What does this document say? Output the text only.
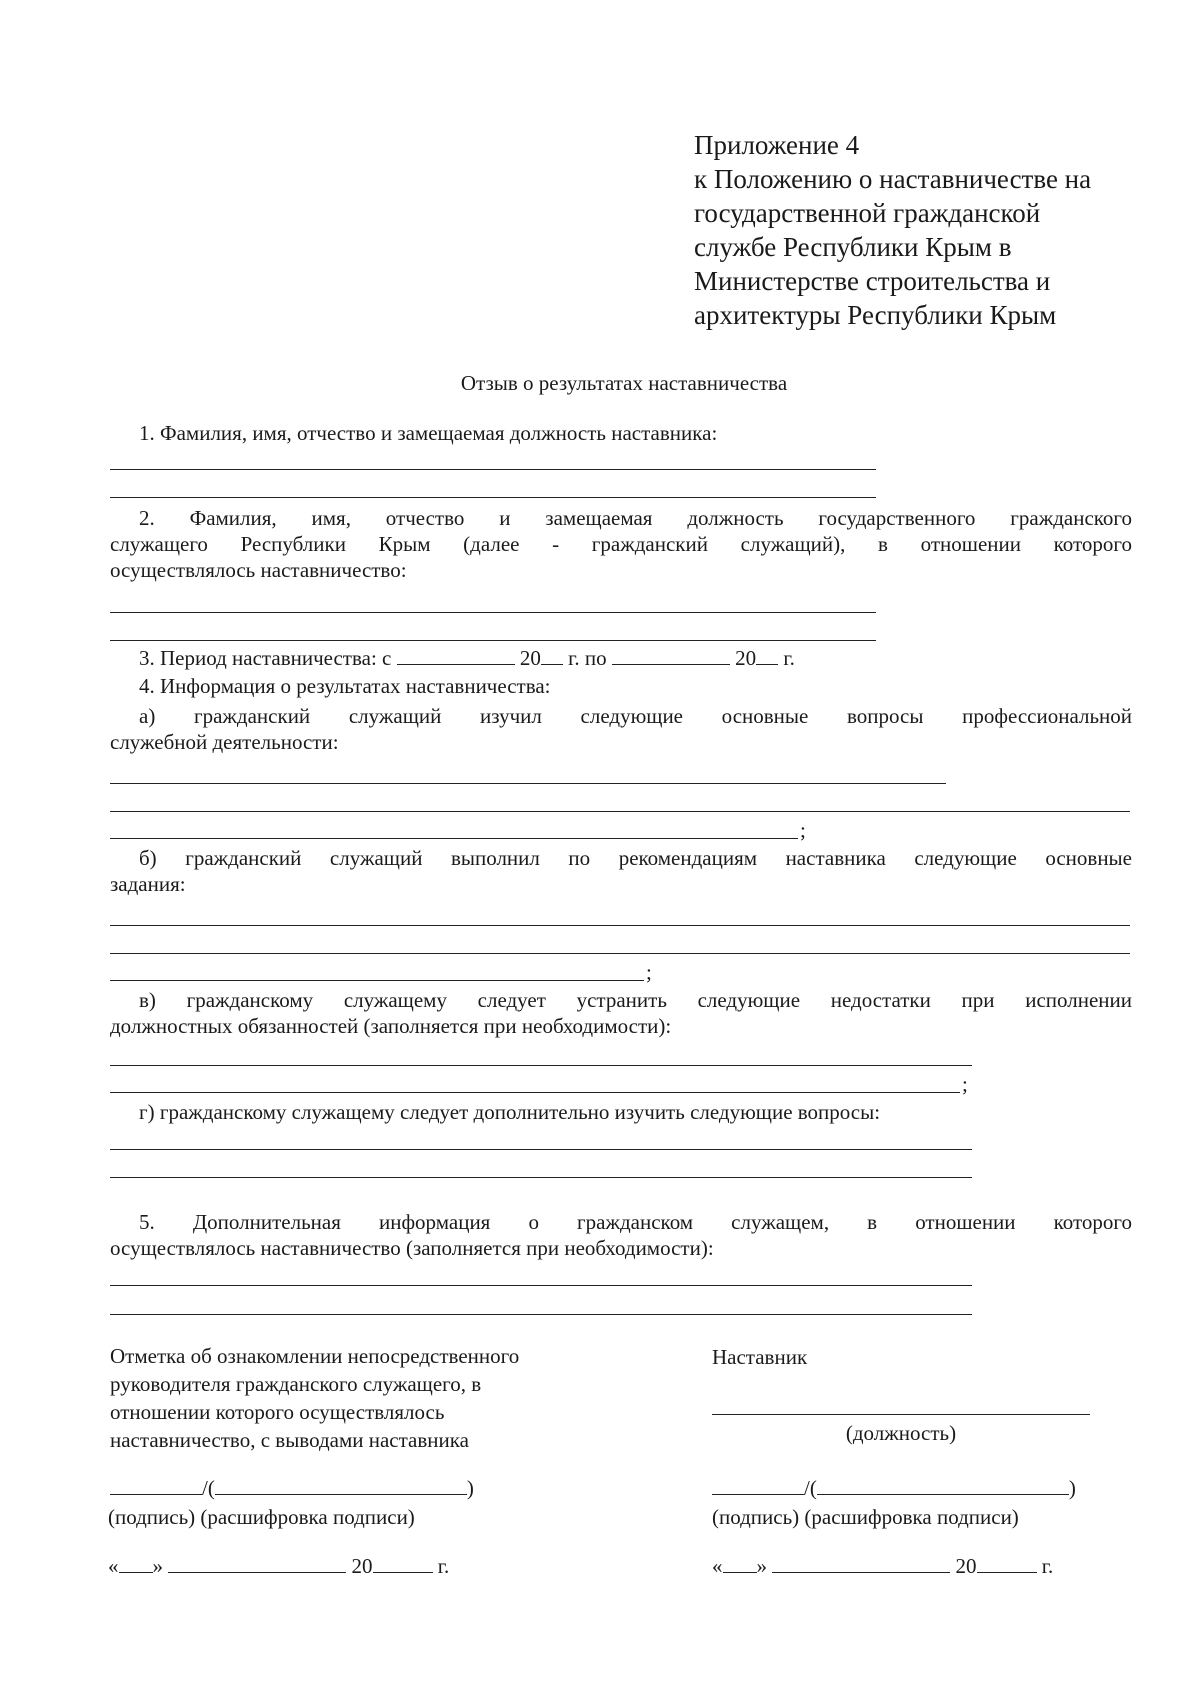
Приложение 4
к Положению о наставничестве на
государственной гражданской
службе Республики Крым в
Министерстве строительства и
архитектуры Республики Крым
Отзыв о результатах наставничества
1. Фамилия, имя, отчество и замещаемая должность наставника:
2. Фамилия, имя, отчество и замещаемая должность государственного гражданского
служащего Республики Крым (далее - гражданский служащий), в отношении которого
осуществлялось наставничество:
3. Период наставничества: с	20 г. по	20 г.
4. Информация о результатах наставничества:
а) гражданский служащий изучил следующие основные вопросы профессиональной
служебной деятельности:
;
б) гражданский служащий выполнил по рекомендациям наставника следующие основные
задания:
;
в) гражданскому служащему следует устранить следующие недостатки при исполнении
должностных обязанностей (заполняется при необходимости):
;
г) гражданскому служащему следует дополнительно изучить следующие вопросы:
5. Дополнительная информация о гражданском служащем, в отношении которого
осуществлялось наставничество (заполняется при необходимости):
Отметка об ознакомлении непосредственного
руководителя гражданского служащего, в
отношении которого осуществлялось
наставничество, с выводами наставника
/(	)
(подпись) (расшифровка подписи)
« »	20	г.
Наставник
(должность)
/(	)
(подпись) (расшифровка подписи)
« »	20	г.
